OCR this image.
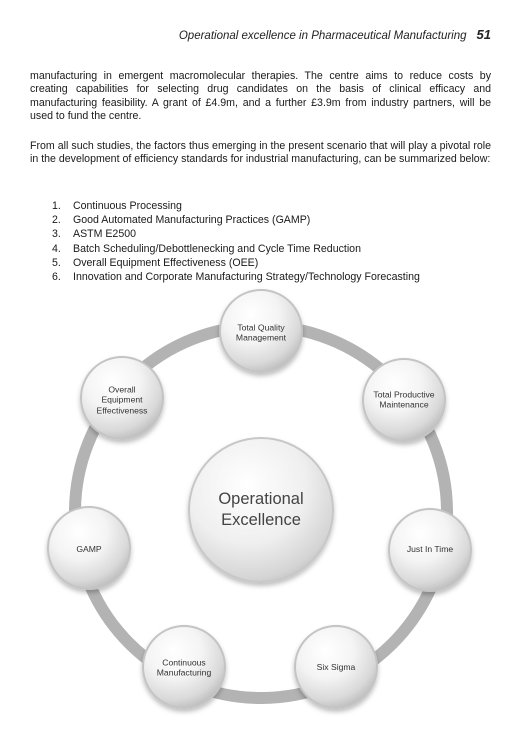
Operational excellence in Pharmaceutical Manufacturing 51

manufacturing in emergent macromolecular therapies. The centre aims to reduce costs by creating capabilities for selecting drug candidates on the basis of clinical efficacy and manufacturing feasibility. A grant of £4.9m, and a further £3.9m from industry partners, will be used to fund the centre.

From all such studies, the factors thus emerging in the present scenario that will play a pivotal role in the development of efficiency standards for industrial manufacturing, can be summarized below:

1.	Continuous Processing
2.	Good Automated Manufacturing Practices (GAMP)
3.	ASTM E2500
4.	Batch Scheduling/Debottlenecking and Cycle Time Reduction
5.	Overall Equipment Effectiveness (OEE)
6.	Innovation and Corporate Manufacturing Strategy/Technology Forecasting
Operational Excellence
Total Quality Management
Total Productive Maintenance
Just In Time
Six Sigma
Continuous Manufacturing
GAMP
Overall Equipment Effectiveness
